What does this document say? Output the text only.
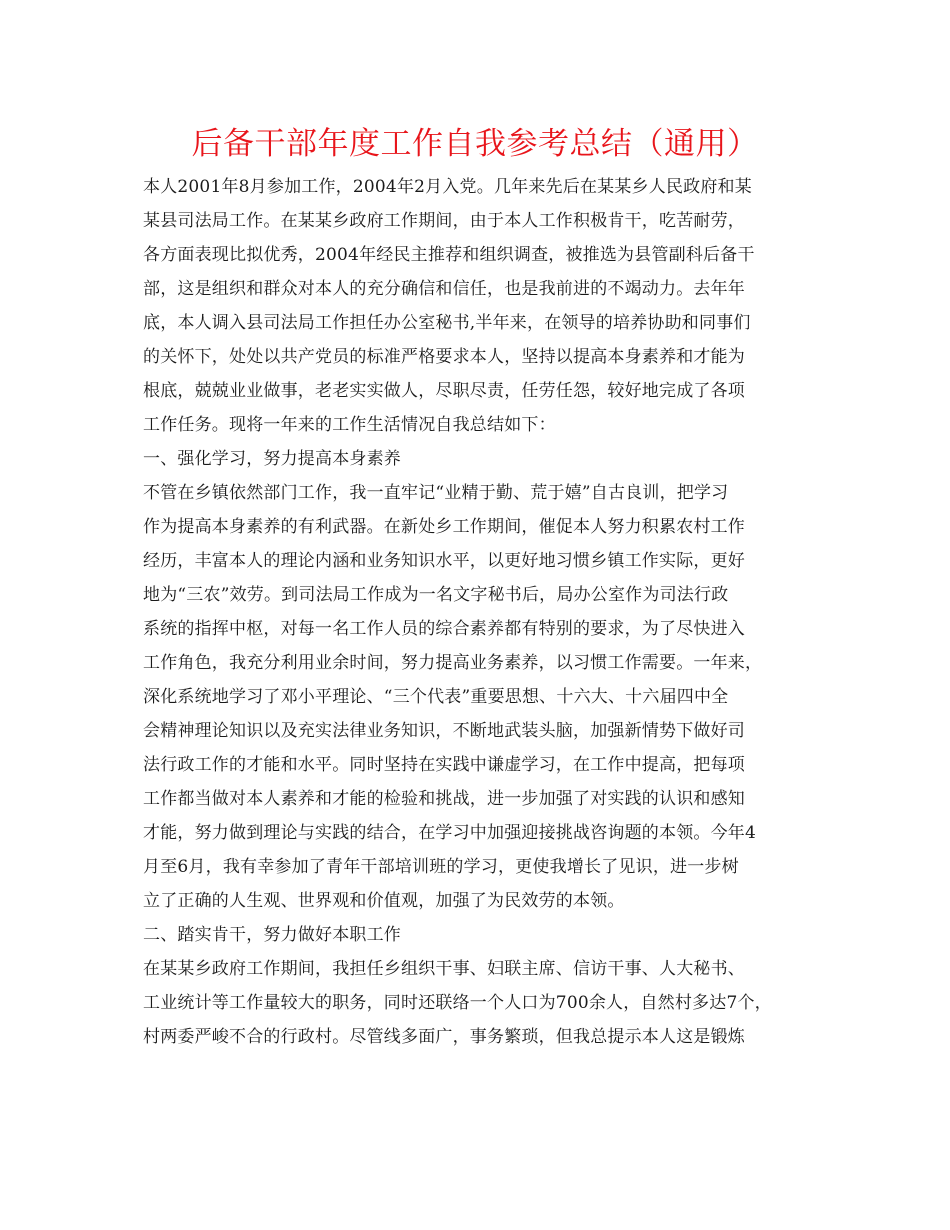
后备干部年度工作自我参考总结（通用）
本人2001年8月参加工作，2004年2月入党。几年来先后在某某乡人民政府和某
某县司法局工作。在某某乡政府工作期间，由于本人工作积极肯干，吃苦耐劳，
各方面表现比拟优秀，2004年经民主推荐和组织调查，被推选为县管副科后备干
部，这是组织和群众对本人的充分确信和信任，也是我前进的不竭动力。去年年
底，本人调入县司法局工作担任办公室秘书,半年来，在领导的培养协助和同事们
的关怀下，处处以共产党员的标准严格要求本人，坚持以提高本身素养和才能为
根底，兢兢业业做事，老老实实做人，尽职尽责，任劳任怨，较好地完成了各项
工作任务。现将一年来的工作生活情况自我总结如下：
一、强化学习，努力提高本身素养
不管在乡镇依然部门工作，我一直牢记“业精于勤、荒于嬉”自古良训，把学习
作为提高本身素养的有利武器。在新处乡工作期间，催促本人努力积累农村工作
经历，丰富本人的理论内涵和业务知识水平，以更好地习惯乡镇工作实际，更好
地为“三农”效劳。到司法局工作成为一名文字秘书后，局办公室作为司法行政
系统的指挥中枢，对每一名工作人员的综合素养都有特别的要求，为了尽快进入
工作角色，我充分利用业余时间，努力提高业务素养，以习惯工作需要。一年来，
深化系统地学习了邓小平理论、“三个代表”重要思想、十六大、十六届四中全
会精神理论知识以及充实法律业务知识，不断地武装头脑，加强新情势下做好司
法行政工作的才能和水平。同时坚持在实践中谦虚学习，在工作中提高，把每项
工作都当做对本人素养和才能的检验和挑战，进一步加强了对实践的认识和感知
才能，努力做到理论与实践的结合，在学习中加强迎接挑战咨询题的本领。今年4
月至6月，我有幸参加了青年干部培训班的学习，更使我增长了见识，进一步树
立了正确的人生观、世界观和价值观，加强了为民效劳的本领。
二、踏实肯干，努力做好本职工作
在某某乡政府工作期间，我担任乡组织干事、妇联主席、信访干事、人大秘书、
工业统计等工作量较大的职务，同时还联络一个人口为700余人，自然村多达7个，
村两委严峻不合的行政村。尽管线多面广，事务繁琐，但我总提示本人这是锻炼
